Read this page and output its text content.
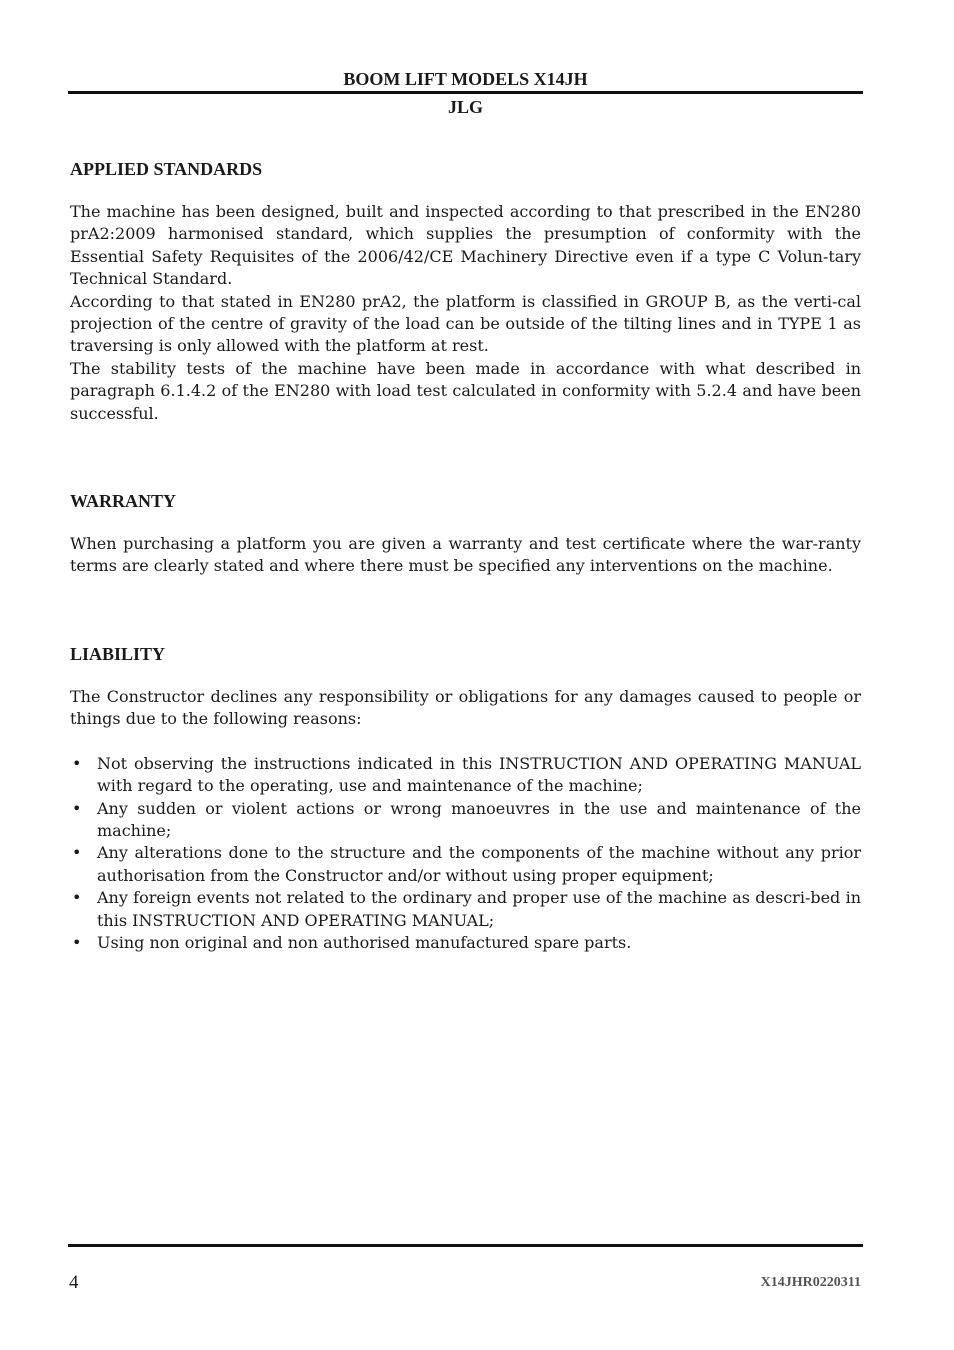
BOOM LIFT MODELS X14JH
JLG
APPLIED STANDARDS

The machine has been designed, built and inspected according to that prescribed in the EN280 prA2:2009 harmonised standard, which supplies the presumption of conformity with the Essential Safety Requisites of the 2006/42/CE Machinery Directive even if a type C Volun-tary Technical Standard.

According to that stated in EN280 prA2, the platform is classified in GROUP B, as the verti-cal projection of the centre of gravity of the load can be outside of the tilting lines and in TYPE 1 as traversing is only allowed with the platform at rest.

The stability tests of the machine have been made in accordance with what described in paragraph 6.1.4.2 of the EN280 with load test calculated in conformity with 5.2.4 and have been successful.

WARRANTY

When purchasing a platform you are given a warranty and test certificate where the war-ranty terms are clearly stated and where there must be specified any interventions on the machine.

LIABILITY

The Constructor declines any responsibility or obligations for any damages caused to people or things due to the following reasons:

• Not observing the instructions indicated in this INSTRUCTION AND OPERATING MANUAL with regard to the operating, use and maintenance of the machine;
• Any sudden or violent actions or wrong manoeuvres in the use and maintenance of the machine;
• Any alterations done to the structure and the components of the machine without any prior authorisation from the Constructor and/or without using proper equipment;
• Any foreign events not related to the ordinary and proper use of the machine as descri-bed in this INSTRUCTION AND OPERATING MANUAL;
• Using non original and non authorised manufactured spare parts.
4	X14JHR0220311
